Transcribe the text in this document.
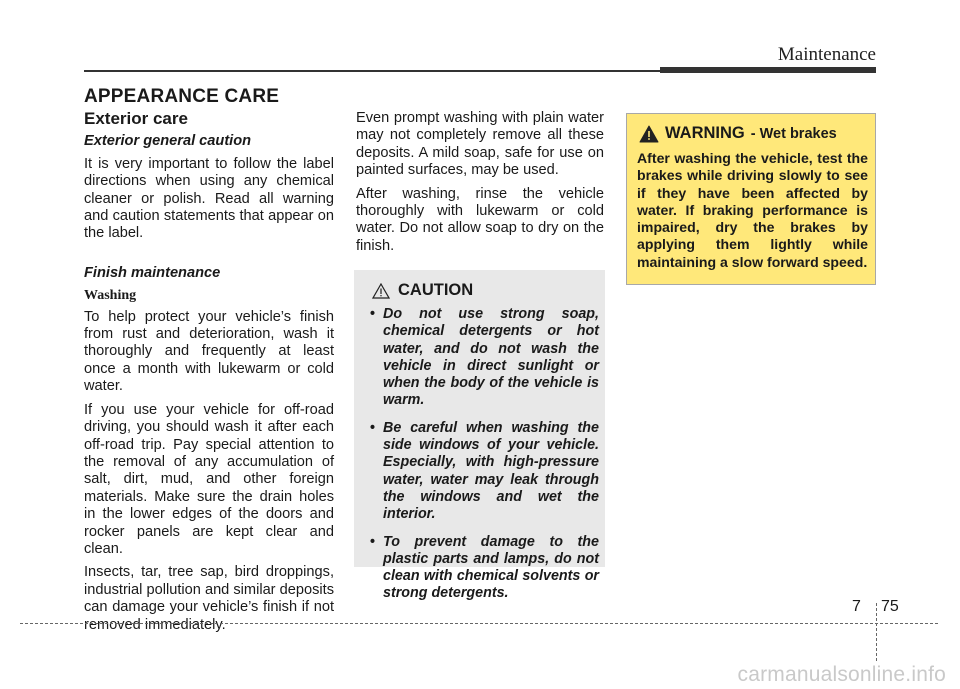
Maintenance
APPEARANCE CARE
Exterior care
Exterior general caution

It is very important to follow the label directions when using any chemical cleaner or polish. Read all warning and caution statements that appear on the label.

Finish maintenance
Washing

To help protect your vehicle’s finish from rust and deterioration, wash it thoroughly and frequently at least once a month with lukewarm or cold water.

If you use your vehicle for off-road driving, you should wash it after each off-road trip. Pay special attention to the removal of any accumulation of salt, dirt, mud, and other foreign materials. Make sure the drain holes in the lower edges of the doors and rocker panels are kept clear and clean.

Insects, tar, tree sap, bird droppings, industrial pollution and similar deposits can damage your vehicle’s finish if not removed immediately.

Even prompt washing with plain water may not completely remove all these deposits. A mild soap, safe for use on painted surfaces, may be used.

After washing, rinse the vehicle thoroughly with lukewarm or cold water. Do not allow soap to dry on the finish.

CAUTION
• Do not use strong soap, chemical detergents or hot water, and do not wash the vehicle in direct sunlight or when the body of the vehicle is warm.
• Be careful when washing the side windows of your vehicle. Especially, with high-pressure water, water may leak through the windows and wet the interior.
• To prevent damage to the plastic parts and lamps, do not clean with chemical solvents or strong detergents.
WARNING - Wet brakes

After washing the vehicle, test the brakes while driving slowly to see if they have been affected by water. If braking performance is impaired, dry the brakes by applying them lightly while maintaining a slow forward speed.

7 75
carmanualsonline.info
